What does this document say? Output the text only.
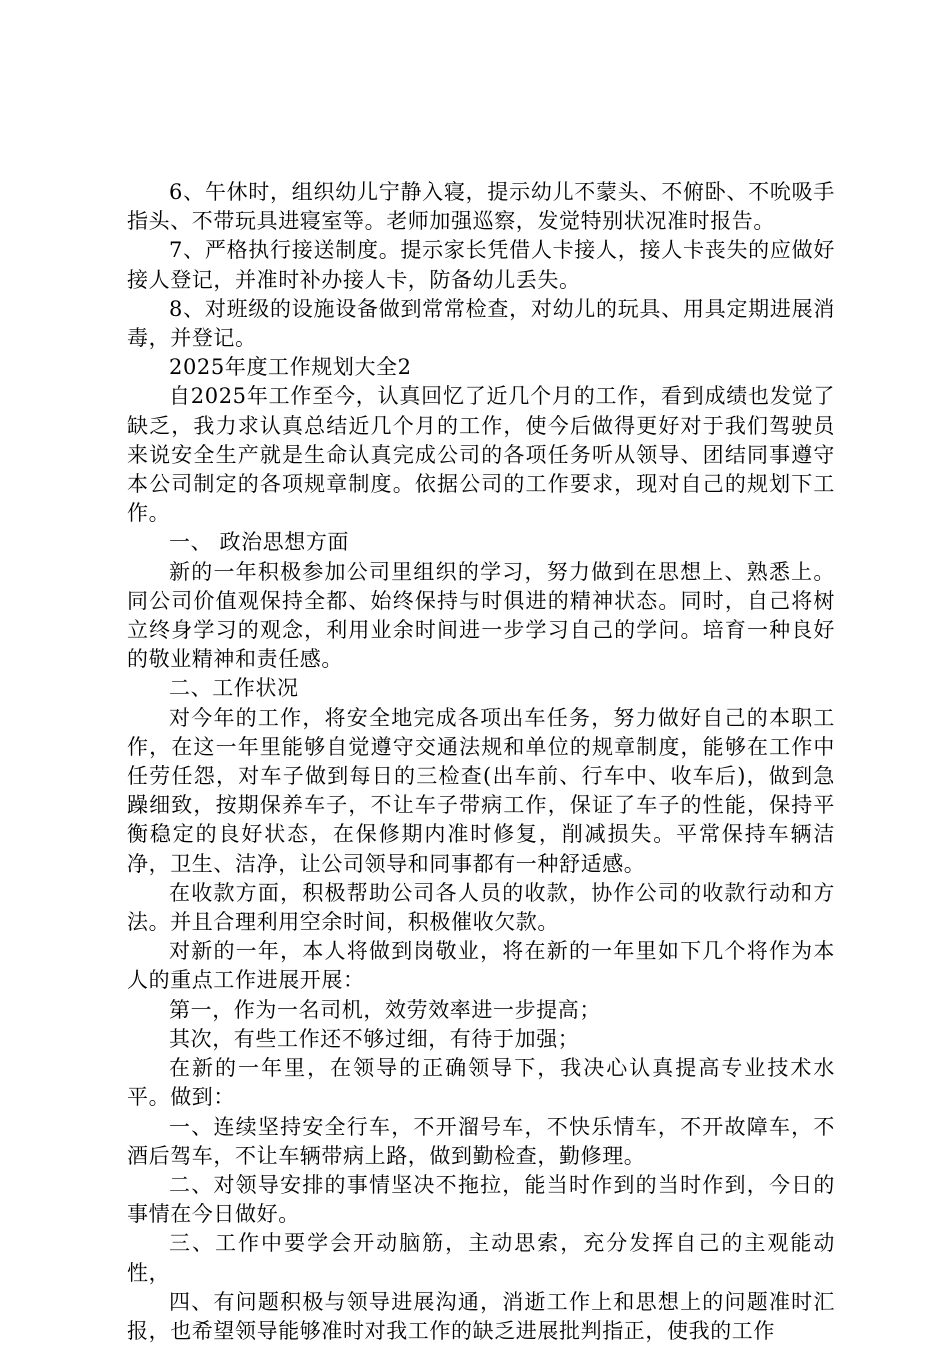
6、午休时，组织幼儿宁静入寝，提示幼儿不蒙头、不俯卧、不吮吸手指头、不带玩具进寝室等。老师加强巡察，发觉特别状况准时报告。

7、严格执行接送制度。提示家长凭借人卡接人，接人卡丧失的应做好接人登记，并准时补办接人卡，防备幼儿丢失。

8、对班级的设施设备做到常常检查，对幼儿的玩具、用具定期进展消毒，并登记。

2025年度工作规划大全2

自2025年工作至今，认真回忆了近几个月的工作，看到成绩也发觉了缺乏，我力求认真总结近几个月的工作，使今后做得更好对于我们驾驶员来说安全生产就是生命认真完成公司的各项任务听从领导、团结同事遵守本公司制定的各项规章制度。依据公司的工作要求，现对自己的规划下工作。

一、 政治思想方面

新的一年积极参加公司里组织的学习，努力做到在思想上、熟悉上。同公司价值观保持全都、始终保持与时俱进的精神状态。同时，自己将树立终身学习的观念，利用业余时间进一步学习自己的学问。培育一种良好的敬业精神和责任感。

二、工作状况

对今年的工作，将安全地完成各项出车任务，努力做好自己的本职工作，在这一年里能够自觉遵守交通法规和单位的规章制度，能够在工作中任劳任怨，对车子做到每日的三检查(出车前、行车中、收车后)，做到急躁细致，按期保养车子，不让车子带病工作，保证了车子的性能，保持平衡稳定的良好状态，在保修期内准时修复，削减损失。平常保持车辆洁净，卫生、洁净，让公司领导和同事都有一种舒适感。

在收款方面，积极帮助公司各人员的收款，协作公司的收款行动和方法。并且合理利用空余时间，积极催收欠款。

对新的一年，本人将做到岗敬业，将在新的一年里如下几个将作为本人的重点工作进展开展：

第一，作为一名司机，效劳效率进一步提高；

其次，有些工作还不够过细，有待于加强；

在新的一年里，在领导的正确领导下，我决心认真提高专业技术水平。做到：

一、连续坚持安全行车，不开溜号车，不快乐情车，不开故障车，不酒后驾车，不让车辆带病上路，做到勤检查，勤修理。

二、对领导安排的事情坚决不拖拉，能当时作到的当时作到，今日的事情在今日做好。

三、工作中要学会开动脑筋，主动思索，充分发挥自己的主观能动性，

四、有问题积极与领导进展沟通，消逝工作上和思想上的问题准时汇报，也希望领导能够准时对我工作的缺乏进展批判指正，使我的工作
